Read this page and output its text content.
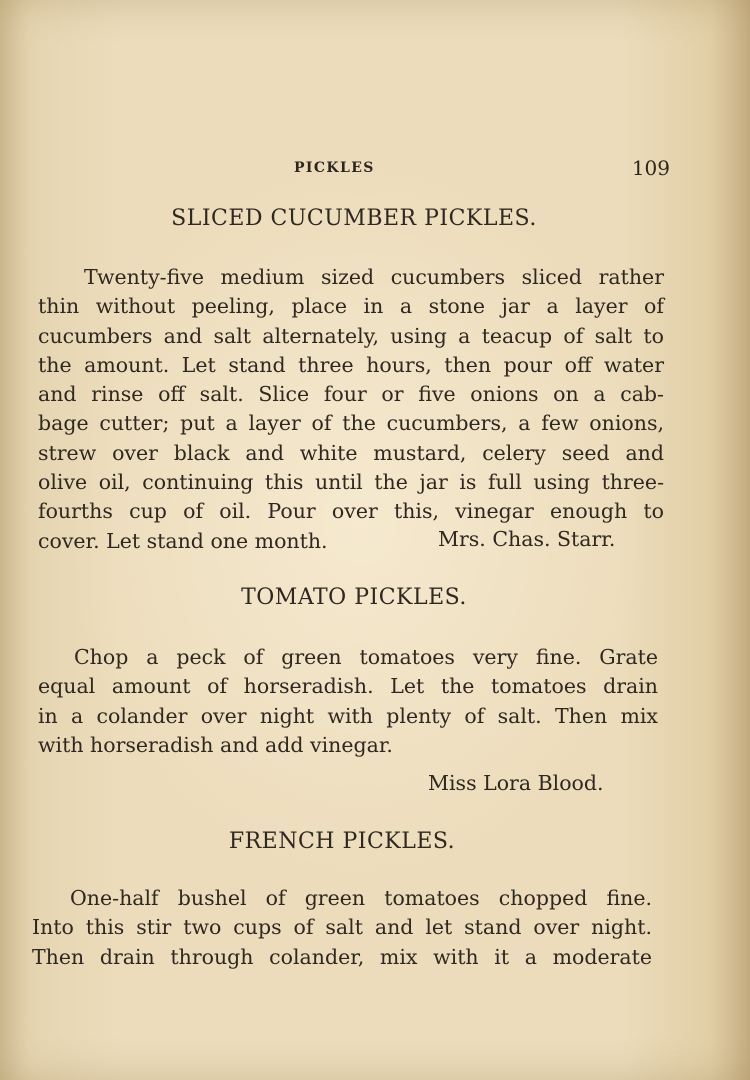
PICKLES	109
SLICED CUCUMBER PICKLES.
Twenty-five medium sized cucumbers sliced rather
thin without peeling, place in a stone jar a layer of
cucumbers and salt alternately, using a teacup of salt to
the amount. Let stand three hours, then pour off water
and rinse off salt. Slice four or five onions on a cab-
bage cutter; put a layer of the cucumbers, a few onions,
strew over black and white mustard, celery seed and
olive oil, continuing this until the jar is full using three-
fourths cup of oil. Pour over this, vinegar enough to
cover. Let stand one month.	Mrs. Chas. Starr.
TOMATO PICKLES.
Chop a peck of green tomatoes very fine. Grate
equal amount of horseradish. Let the tomatoes drain
in a colander over night with plenty of salt. Then mix
with horseradish and add vinegar.
Miss Lora Blood.
FRENCH PICKLES.
One-half bushel of green tomatoes chopped fine.
Into this stir two cups of salt and let stand over night.
Then drain through colander, mix with it a moderate
